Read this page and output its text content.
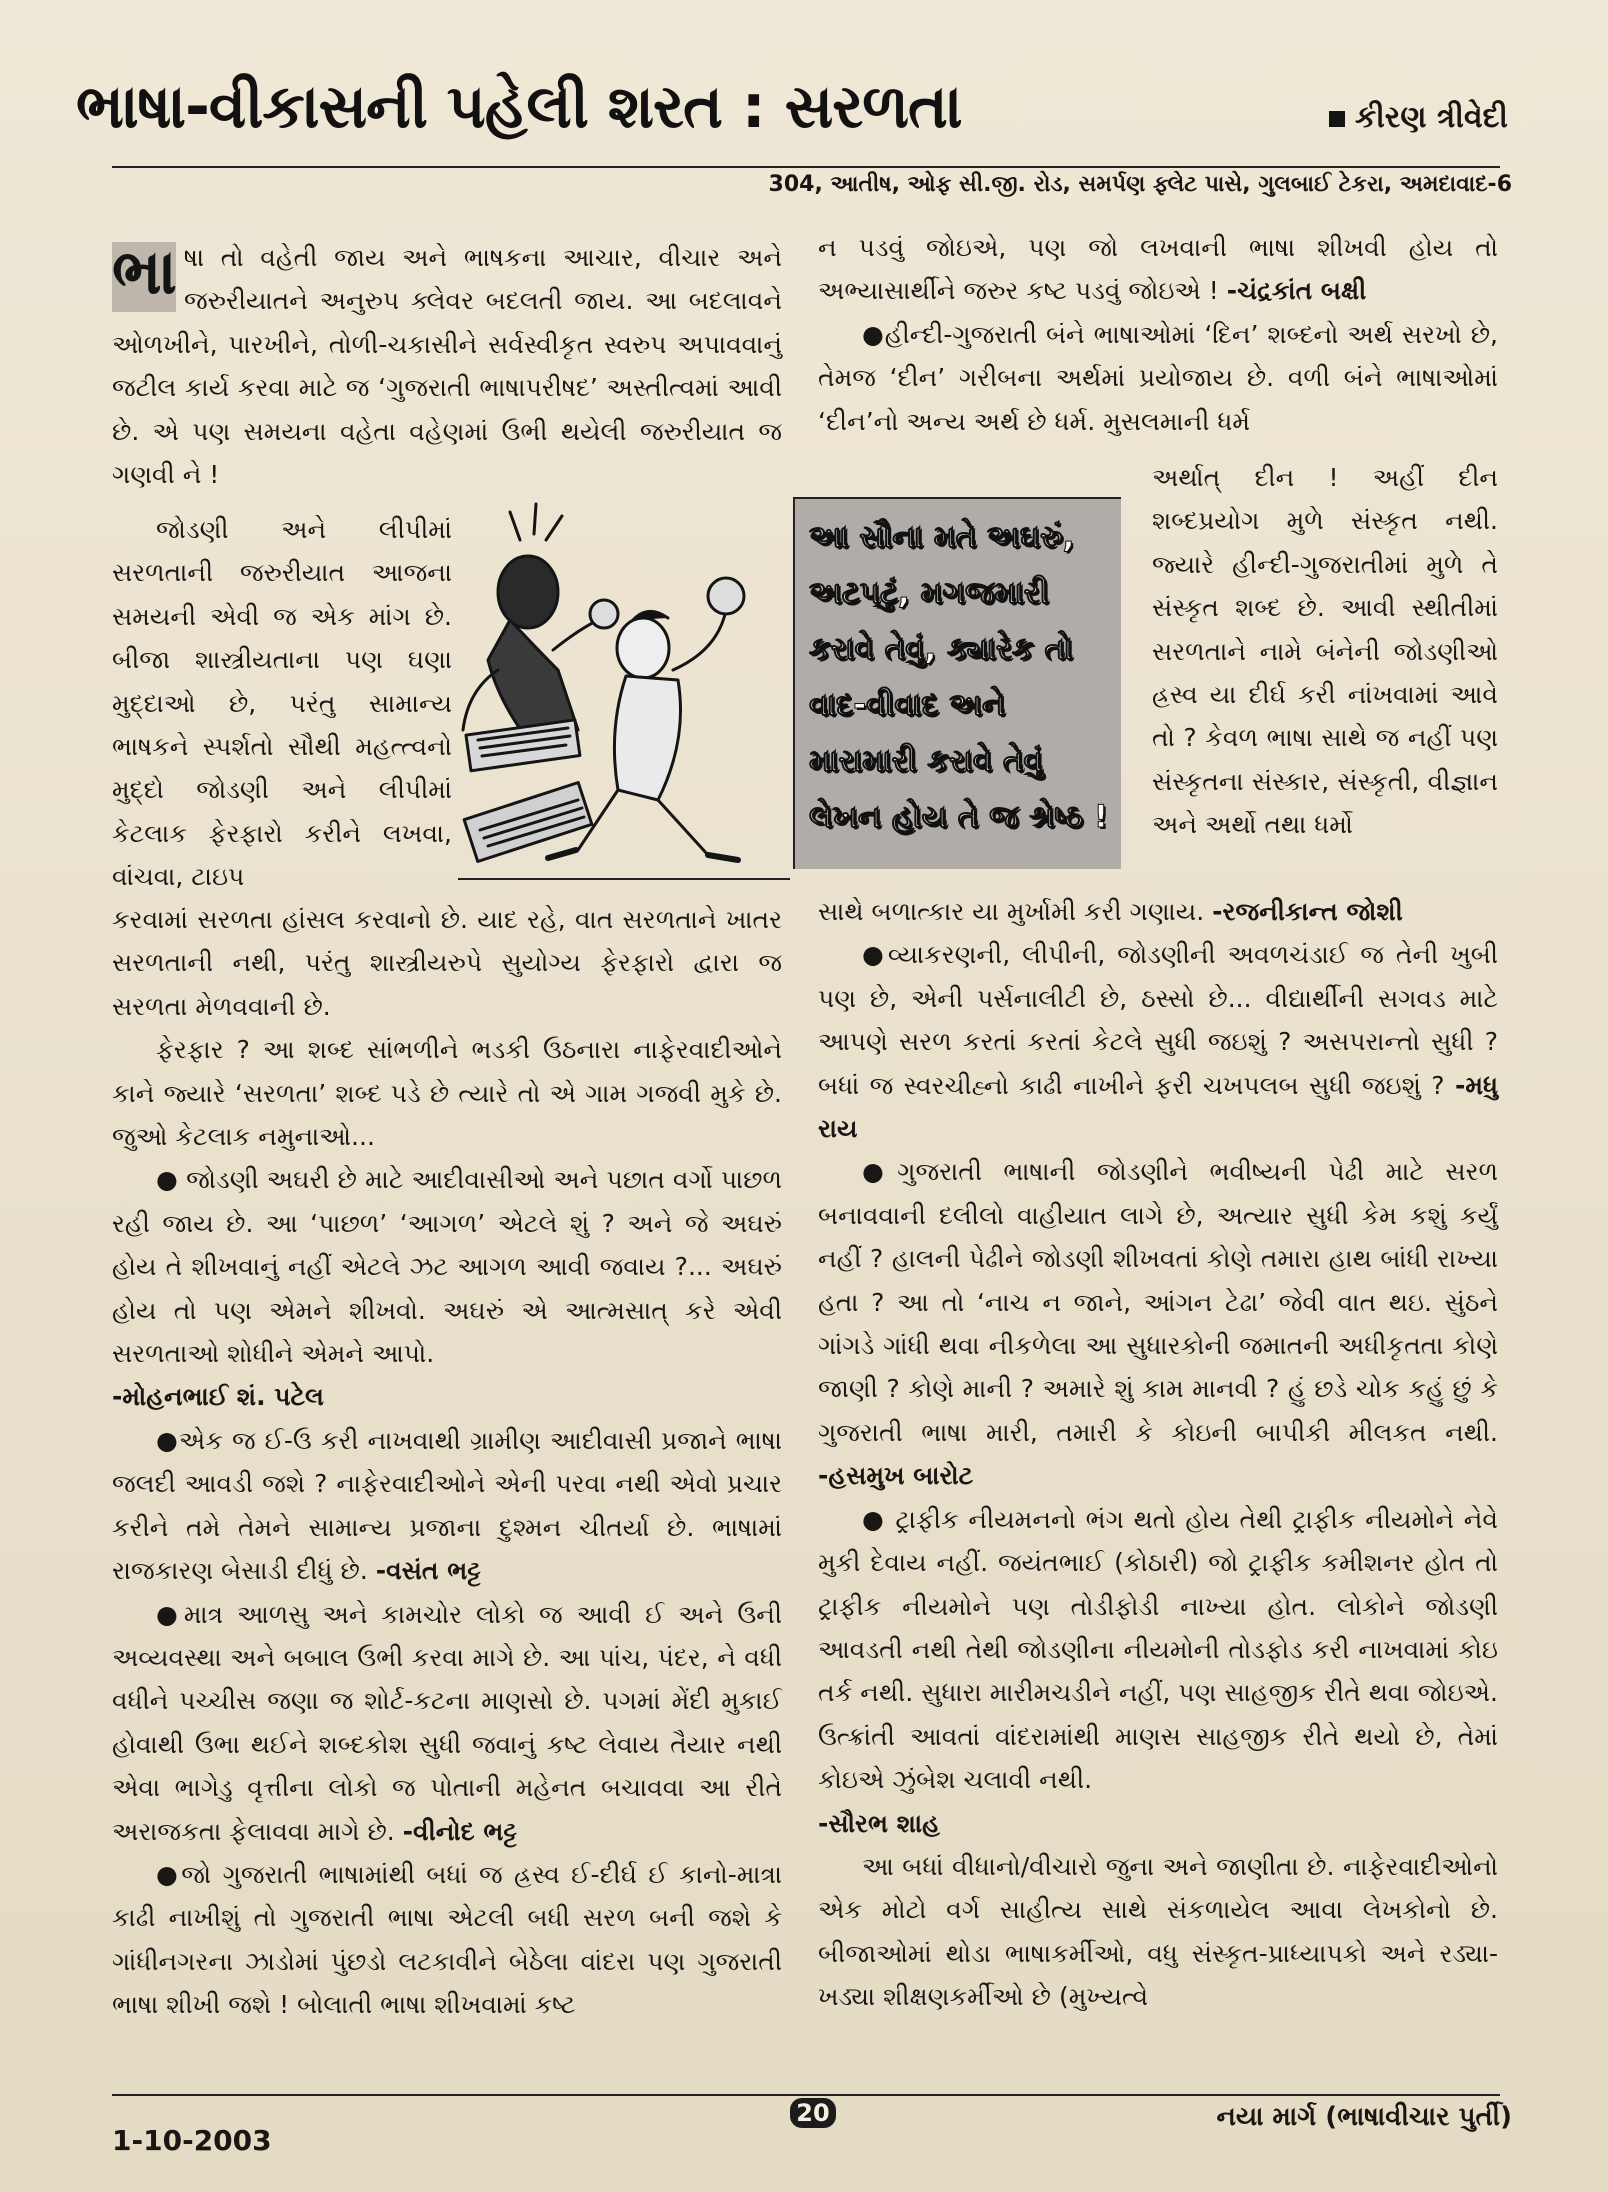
ભાષા-વીકાસની પહેલી શરત : સરળતા	કીરણ ત્રીવેદી
304, આતીષ, ઓફ સી.જી. રોડ, સમર્પણ ફ્લેટ પાસે, ગુલબાઈ ટેકરા, અમદાવાદ-6

ભા ષા તો વહેતી જાય અને ભાષકના આચાર, વીચાર અને જરુરીયાતને અનુરુપ ક્લેવર બદલતી જાય. આ બદલાવને ઓળખીને, પારખીને, તોળી-ચકાસીને સર્વસ્વીકૃત સ્વરુપ અપાવવાનું જટીલ કાર્ય કરવા માટે જ ‘ગુજરાતી ભાષાપરીષદ’ અસ્તીત્વમાં આવી છે. એ પણ સમયના વહેતા વહેણમાં ઉભી થયેલી જરુરીયાત જ ગણવી ને !

જોડણી અને લીપીમાં સરળતાની જરુરીયાત આજના સમયની એવી જ એક માંગ છે. બીજા શાસ્ત્રીયતાના પણ ઘણા મુદ્દાઓ છે, પરંતુ સામાન્ય ભાષકને સ્પર્શતો સૌથી મહત્ત્વનો મુદ્દો જોડણી અને લીપીમાં કેટલાક ફેરફારો કરીને લખવા, વાંચવા, ટાઇપ

આ સૌના મતે અઘરું, અટપટું, મગજમારી કરાવે તેવું, ક્યારેક તો વાદ-વીવાદ અને મારામારી કરાવે તેવું લેખન હોય તે જ શ્રેષ્ઠ !

કરવામાં સરળતા હાંસલ કરવાનો છે. યાદ રહે, વાત સરળતાને ખાતર સરળતાની નથી, પરંતુ શાસ્ત્રીયરુપે સુયોગ્ય ફેરફારો દ્વારા જ સરળતા મેળવવાની છે.

ફેરફાર ? આ શબ્દ સાંભળીને ભડકી ઉઠનારા નાફેરવાદીઓને કાને જ્યારે ‘સરળતા’ શબ્દ પડે છે ત્યારે તો એ ગામ ગજવી મુકે છે. જુઓ કેટલાક નમુનાઓ...

● જોડણી અઘરી છે માટે આદીવાસીઓ અને પછાત વર્ગો પાછળ રહી જાય છે. આ ‘પાછળ’ ‘આગળ’ એટલે શું ? અને જે અઘરું હોય તે શીખવાનું નહીં એટલે ઝટ આગળ આવી જવાય ?... અઘરું હોય તો પણ એમને શીખવો. અઘરું એ આત્મસાત્ કરે એવી સરળતાઓ શોધીને એમને આપો.

-મોહનભાઈ શં. પટેલ

●એક જ ઈ-ઉ કરી નાખવાથી ગ્રામીણ આદીવાસી પ્રજાને ભાષા જલદી આવડી જશે ? નાફેરવાદીઓને એની પરવા નથી એવો પ્રચાર કરીને તમે તેમને સામાન્ય પ્રજાના દુશ્મન ચીતર્યા છે. ભાષામાં રાજકારણ બેસાડી દીધું છે. -વસંત ભટ્ટ

●માત્ર આળસુ અને કામચોર લોકો જ આવી ઈ અને ઉની અવ્યવસ્થા અને બબાલ ઉભી કરવા માગે છે. આ પાંચ, પંદર, ને વધી વધીને પચ્ચીસ જણા જ શોર્ટ-કટના માણસો છે. પગમાં મેંદી મુકાઈ હોવાથી ઉભા થઈને શબ્દકોશ સુધી જવાનું કષ્ટ લેવાય તૈયાર નથી એવા ભાગેડુ વૃત્તીના લોકો જ પોતાની મહેનત બચાવવા આ રીતે અરાજકતા ફેલાવવા માગે છે. -વીનોદ ભટ્ટ

●જો ગુજરાતી ભાષામાંથી બધાં જ હ્રસ્વ ઈ-દીર્ઘ ઈ કાનો-માત્રા કાઢી નાખીશું તો ગુજરાતી ભાષા એટલી બધી સરળ બની જશે કે ગાંધીનગરના ઝાડોમાં પુંછડો લટકાવીને બેઠેલા વાંદરા પણ ગુજરાતી ભાષા શીખી જશે ! બોલાતી ભાષા શીખવામાં કષ્ટ

ન પડવું જોઇએ, પણ જો લખવાની ભાષા શીખવી હોય તો અભ્યાસાર્થીને જરુર કષ્ટ પડવું જોઇએ ! -ચંદ્રકાંત બક્ષી

●હીન્દી-ગુજરાતી બંને ભાષાઓમાં ‘દિન’ શબ્દનો અર્થ સરખો છે, તેમજ ‘દીન’ ગરીબના અર્થમાં પ્રયોજાય છે. વળી બંને ભાષાઓમાં ‘દીન’નો અન્ય અર્થ છે ધર્મ. મુસલમાની ધર્મ

અર્થાત્ દીન ! અહીં દીન શબ્દપ્રયોગ મુળે સંસ્કૃત નથી. જ્યારે હીન્દી-ગુજરાતીમાં મુળે તે સંસ્કૃત શબ્દ છે. આવી સ્થીતીમાં સરળતાને નામે બંનેની જોડણીઓ હ્રસ્વ યા દીર્ઘ કરી નાંખવામાં આવે તો ? કેવળ ભાષા સાથે જ નહીં પણ સંસ્કૃતના સંસ્કાર, સંસ્કૃતી, વીજ્ઞાન અને અર્થો તથા ધર્મો

સાથે બળાત્કાર યા મુર્ખામી કરી ગણાય. -રજનીકાન્ત જોશી

●વ્યાકરણની, લીપીની, જોડણીની અવળચંડાઈ જ તેની ખુબી પણ છે, એની પર્સનાલીટી છે, ઠસ્સો છે... વીદ્યાર્થીની સગવડ માટે આપણે સરળ કરતાં કરતાં કેટલે સુધી જઇશું ? અસપરાન્તો સુધી ? બધાં જ સ્વરચીહ્નો કાઢી નાખીને ફરી ચખપલબ સુધી જઇશું ? -મધુ રાય

●ગુજરાતી ભાષાની જોડણીને ભવીષ્યની પેઢી માટે સરળ બનાવવાની દલીલો વાહીયાત લાગે છે, અત્યાર સુધી કેમ કશું કર્યું નહીં ? હાલની પેઢીને જોડણી શીખવતાં કોણે તમારા હાથ બાંધી રાખ્યા હતા ? આ તો ‘નાચ ન જાને, આંગન ટેઢા’ જેવી વાત થઇ. સુંઠને ગાંગડે ગાંધી થવા નીકળેલા આ સુધારકોની જમાતની અધીકૃતતા કોણે જાણી ? કોણે માની ? અમારે શું કામ માનવી ? હું છડે ચોક કહું છું કે ગુજરાતી ભાષા મારી, તમારી કે કોઇની બાપીકી મીલકત નથી. -હસમુખ બારોટ

● ટ્રાફીક નીયમનનો ભંગ થતો હોય તેથી ટ્રાફીક નીયમોને નેવે મુકી દેવાય નહીં. જયંતભાઈ (કોઠારી) જો ટ્રાફીક કમીશનર હોત તો ટ્રાફીક નીયમોને પણ તોડીફોડી નાખ્યા હોત. લોકોને જોડણી આવડતી નથી તેથી જોડણીના નીયમોની તોડફોડ કરી નાખવામાં કોઇ તર્ક નથી. સુધારા મારીમચડીને નહીં, પણ સાહજીક રીતે થવા જોઇએ. ઉત્ક્રાંતી આવતાં વાંદરામાંથી માણસ સાહજીક રીતે થયો છે, તેમાં કોઇએ ઝુંબેશ ચલાવી નથી.

-સૌરભ શાહ

આ બધાં વીધાનો/વીચારો જુના અને જાણીતા છે. નાફેરવાદીઓનો એક મોટો વર્ગ સાહીત્ય સાથે સંકળાયેલ આવા લેખકોનો છે. બીજાઓમાં થોડા ભાષાકર્મીઓ, વધુ સંસ્કૃત-પ્રાધ્યાપકો અને રડ્યા-ખડ્યા શીક્ષણકર્મીઓ છે (મુખ્યત્વે

1-10-2003
20	નયા માર્ગ (ભાષાવીચાર પુર્તી)
